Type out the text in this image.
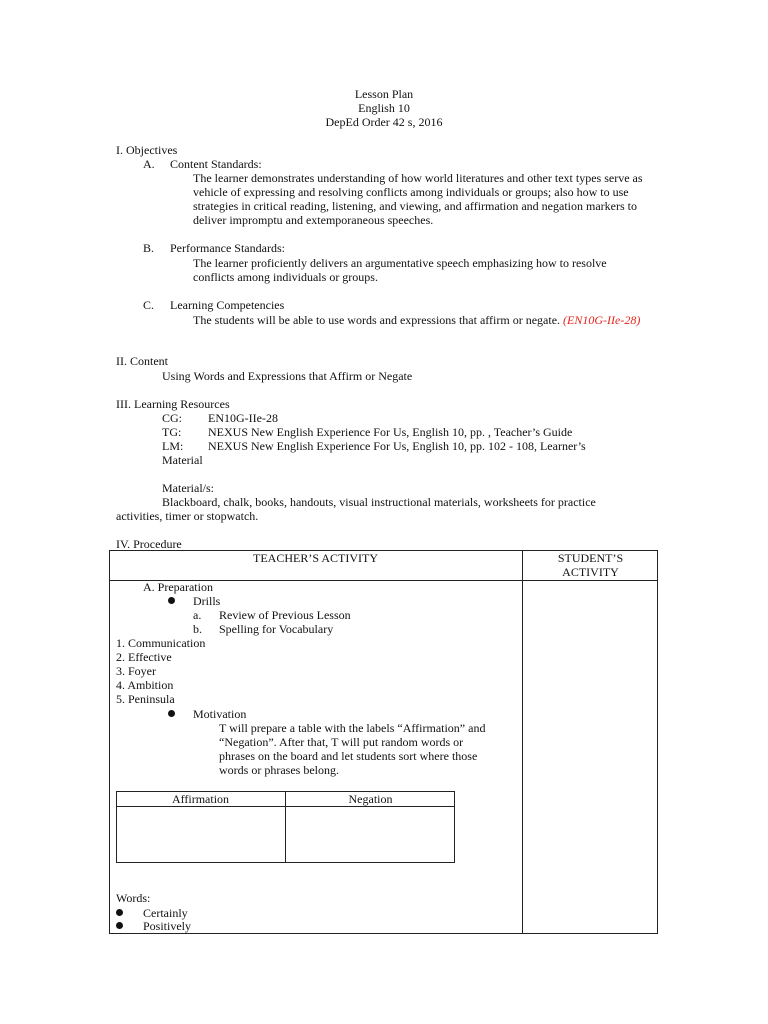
Lesson Plan
English 10
DepEd Order 42 s, 2016
I. Objectives
A. Content Standards:
The learner demonstrates understanding of how world literatures and other text types serve as vehicle of expressing and resolving conflicts among individuals or groups; also how to use strategies in critical reading, listening, and viewing, and affirmation and negation markers to deliver impromptu and extemporaneous speeches.
B. Performance Standards:
The learner proficiently delivers an argumentative speech emphasizing how to resolve conflicts among individuals or groups.
C. Learning Competencies
The students will be able to use words and expressions that affirm or negate. (EN10G-IIe-28)
II. Content
Using Words and Expressions that Affirm or Negate
III. Learning Resources
CG: EN10G-IIe-28
TG: NEXUS New English Experience For Us, English 10, pp. , Teacher’s Guide
LM: NEXUS New English Experience For Us, English 10, pp. 102 - 108, Learner’s
Material
Material/s:
Blackboard, chalk, books, handouts, visual instructional materials, worksheets for practice
activities, timer or stopwatch.
IV. Procedure
TEACHER’S ACTIVITY	STUDENT’S
ACTIVITY
A. Preparation
Drills
a. Review of Previous Lesson
b. Spelling for Vocabulary
1. Communication
2. Effective
3. Foyer
4. Ambition
5. Peninsula
Motivation
T will prepare a table with the labels “Affirmation” and
“Negation”. After that, T will put random words or
phrases on the board and let students sort where those
words or phrases belong.
Affirmation	Negation
Words:
Certainly
Positively
